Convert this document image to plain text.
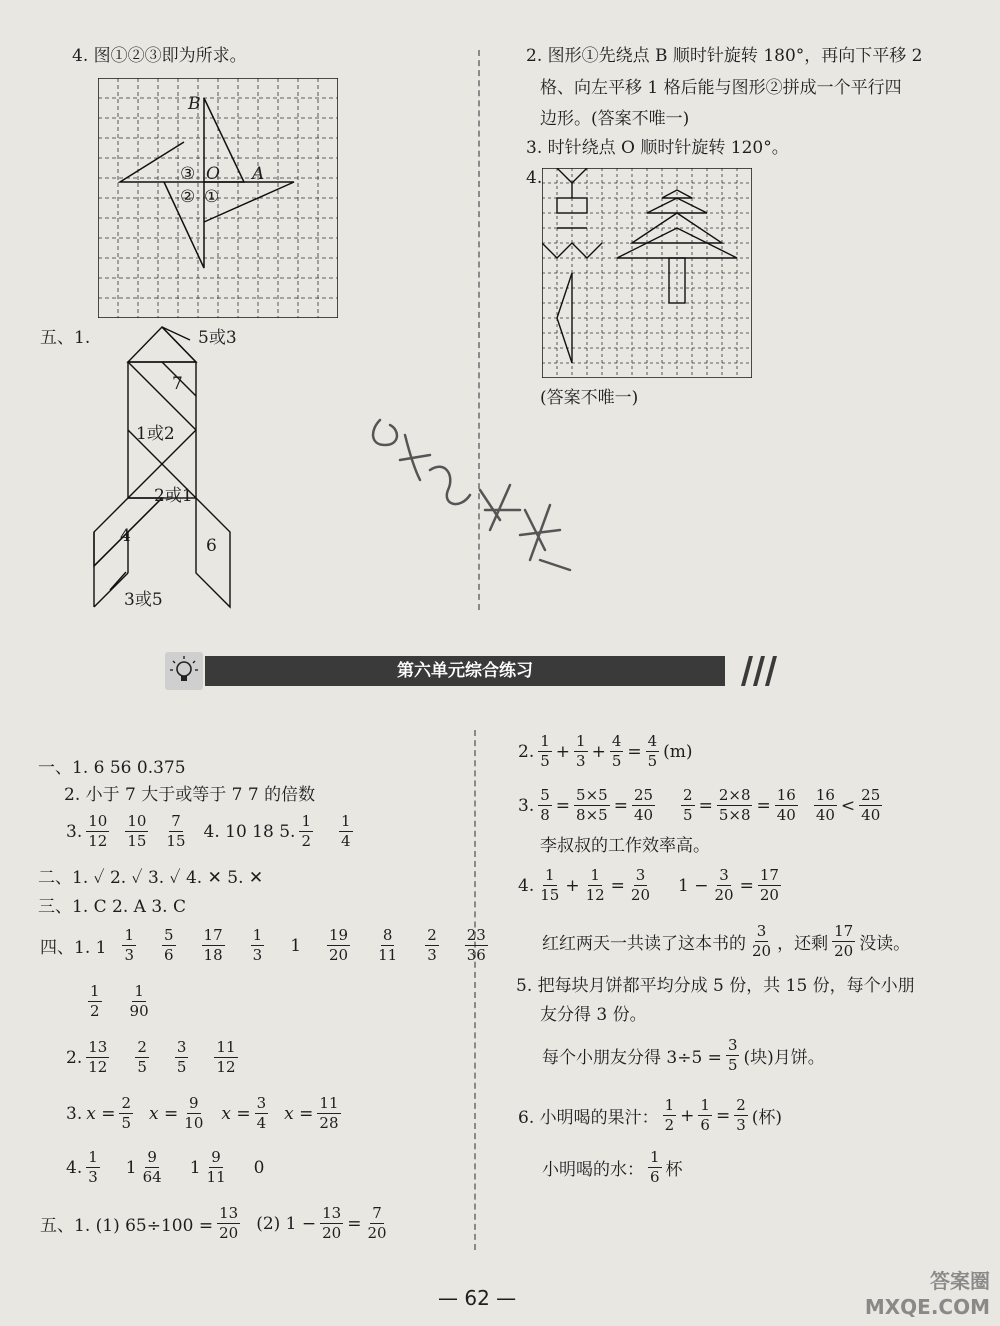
4. 图①②③即为所求。
B
③ O A
② ①
五、1.	5或3
7
1或2
2或1
4	6
3或5
2. 图形①先绕点 B 顺时针旋转 180°，再向下平移 2
格、向左平移 1 格后能与图形②拼成一个平行四
边形。(答案不唯一)
3. 时针绕点 O 顺时针旋转 120°。
4.
(答案不唯一)
第六单元综合练习
一、1. 6 56 0.375
2. 小于 7 大于或等于 7 7 的倍数
3. $\frac{10}{12} \frac{10}{15} \frac{7}{15} 4$. 10 18 5. $\frac{1}{2} \frac{1}{4}$
二、1. ✓ 2. ✓ 3. ✓ 4. ✕ 5. ✕
三、1. C 2. A 3. C
四、1. $1 \frac{1}{3} \frac{5}{6} \frac{17}{18} \frac{1}{3} 1 \frac{19}{20} \frac{8}{11} \frac{2}{3} \frac{23}{36}$
$\frac{1}{2} \frac{1}{90}$
2. $\frac{13}{12} \frac{2}{5} \frac{3}{5} \frac{11}{12}$
3. $x = \frac{2}{5}$ $x = \frac{9}{10}$ $x = \frac{3}{4}$ $x = \frac{11}{28}$
4. $\frac{1}{3} 1 \frac{9}{64} 1 \frac{9}{11} 0$
五、1. (1) $65\div 100 = \frac{13}{20} (2) 1 - \frac{13}{20} = \frac{7}{20}$
2. $\frac{1}{5} + \frac{1}{3} + \frac{4}{5} = \frac{4}{5} (m)$
3. $\frac{5}{8} = \frac{5\times 5}{8\times 5} = \frac{25}{40} \frac{2}{5} = \frac{2\times 8}{5\times 8} = \frac{16}{40} \frac{16}{40} < \frac{25}{40}$
李叔叔的工作效率高。
4. $\frac{1}{15} + \frac{1}{12} = \frac{3}{20} 1 - \frac{3}{20} = \frac{17}{20}$
红红两天一共读了这本书的 $\frac{3}{20}$ ，还剩 $\frac{17}{20}$ 没读。
5. 把每块月饼都平均分成 5 份，共 15 份，每个小朋
友分得 3 份。
每个小朋友分得 $3\div 5 = \frac{3}{5}$ (块)月饼。
6. 小明喝的果汁： $\frac{1}{2} + \frac{1}{6} = \frac{2}{3}$ (杯)
小明喝的水： $\frac{1}{6}$ 杯
— 62 —
答案圈 MXQE.COM
